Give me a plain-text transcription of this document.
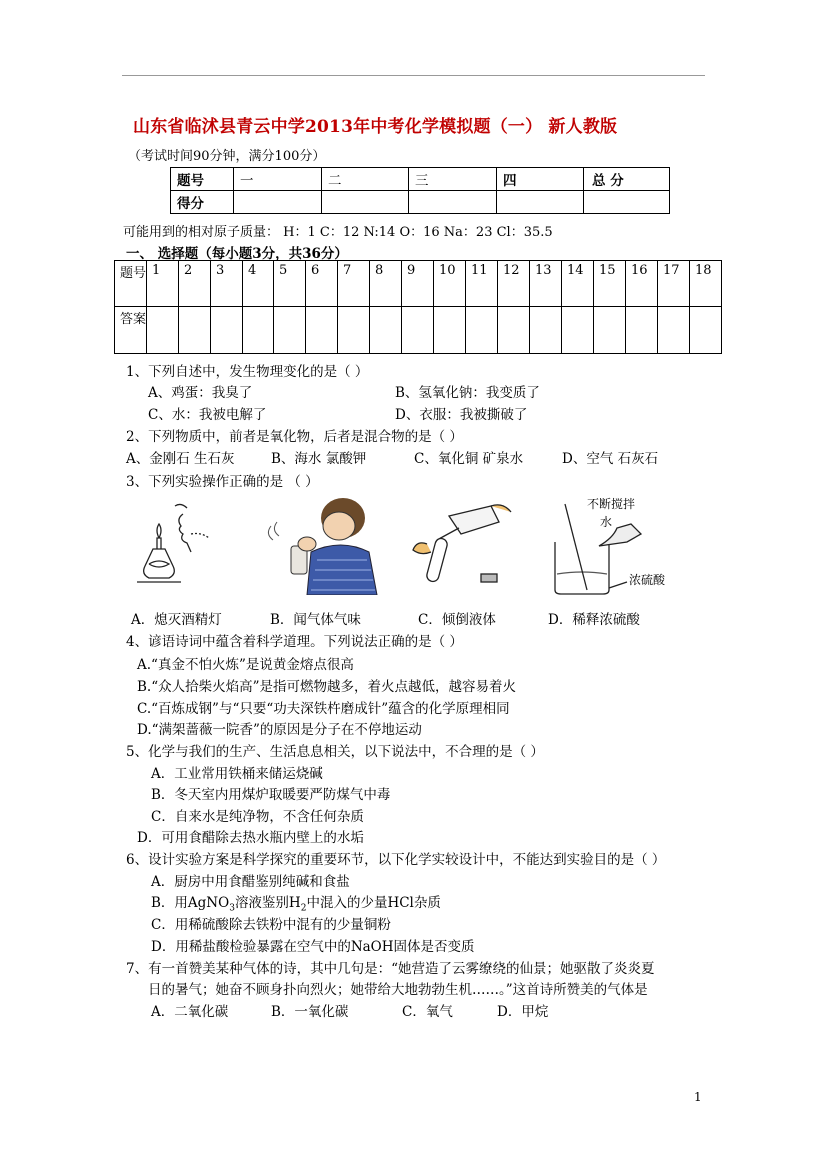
山东省临沭县青云中学2013年中考化学模拟题（一） 新人教版
（考试时间90分钟，满分100分）
题号	一	二	三	四	总 分
得分					
可能用到的相对原子质量： H：1 C：12 N:14 O：16 Na：23 Cl：35.5
一、 选择题（每小题3分，共36分）
题号	1	2	3	4	5	6	7	8	9	10	11	12	13	14	15	16	17	18
答案																		
1、下列自述中，发生物理变化的是（ ）
A、鸡蛋：我臭了	B、氢氧化钠：我变质了
C、水：我被电解了	D、衣服：我被撕破了
2、下列物质中，前者是氧化物，后者是混合物的是（ ）
A、金刚石 生石灰	B、海水 氯酸钾	C、氧化铜 矿泉水	D、空气 石灰石
3、下列实验操作正确的是 （ ）
不断搅拌
水
浓硫酸
A．熄灭酒精灯	B．闻气体气味	C．倾倒液体	D．稀释浓硫酸
4、谚语诗词中蕴含着科学道理。下列说法正确的是（ ）
A.“真金不怕火炼”是说黄金熔点很高
B.“众人拾柴火焰高”是指可燃物越多，着火点越低，越容易着火
C.“百炼成钢”与“只要“功夫深铁杵磨成针”蕴含的化学原理相同
D.“满架蔷薇一院香”的原因是分子在不停地运动
5、化学与我们的生产、生活息息相关，以下说法中，不合理的是（ ）
A．工业常用铁桶来储运烧碱
B．冬天室内用煤炉取暖要严防煤气中毒
C．自来水是纯净物，不含任何杂质
D．可用食醋除去热水瓶内壁上的水垢
6、设计实验方案是科学探究的重要环节，以下化学实较设计中，不能达到实验目的是（ ）
A．厨房中用食醋鉴别纯碱和食盐
B．用AgNO$_3$溶液鉴别$H_2$中混入的少量HCl杂质
C．用稀硫酸除去铁粉中混有的少量铜粉
D．用稀盐酸检验暴露在空气中的NaOH固体是否变质
7、有一首赞美某种气体的诗，其中几句是：“她营造了云雾缭绕的仙景；她驱散了炎炎夏
日的暑气；她奋不顾身扑向烈火；她带给大地勃勃生机……。”这首诗所赞美的气体是
A．二氧化碳	B．一氧化碳	C．氧气	D．甲烷
1
